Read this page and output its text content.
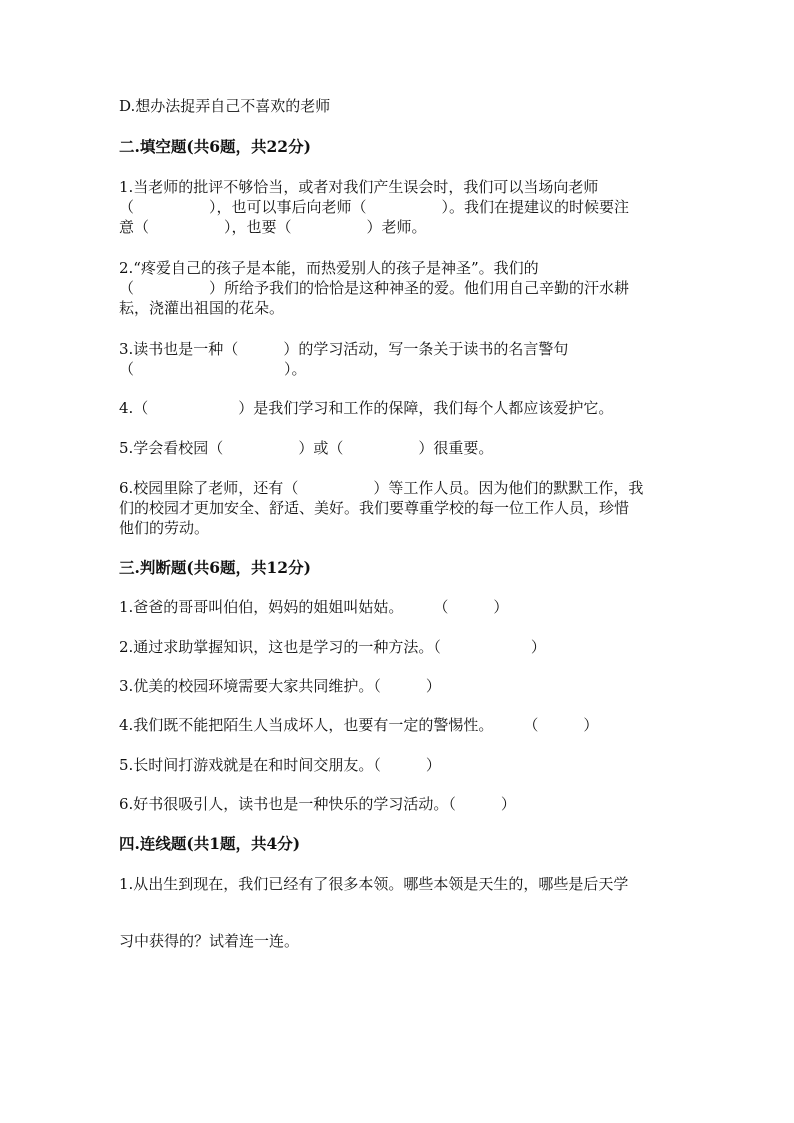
D.想办法捉弄自己不喜欢的老师
二.填空题(共6题，共22分)
1.当老师的批评不够恰当，或者对我们产生误会时，我们可以当场向老师
（　　　　　），也可以事后向老师（　　　　　）。我们在提建议的时候要注
意（　　　　　），也要（　　　　　）老师。
2.“疼爱自己的孩子是本能，而热爱别人的孩子是神圣”。我们的
（　　　　　）所给予我们的恰恰是这种神圣的爱。他们用自己辛勤的汗水耕
耘，浇灌出祖国的花朵。
3.读书也是一种（　　　）的学习活动，写一条关于读书的名言警句
（　　　　　　　　　　）。
4.（　　　　　　）是我们学习和工作的保障，我们每个人都应该爱护它。
5.学会看校园（　　　　　）或（　　　　　）很重要。
6.校园里除了老师，还有（　　　　　）等工作人员。因为他们的默默工作，我
们的校园才更加安全、舒适、美好。我们要尊重学校的每一位工作人员，珍惜
他们的劳动。
三.判断题(共6题，共12分)
1.爸爸的哥哥叫伯伯，妈妈的姐姐叫姑姑。　　　（　　　）
2.通过求助掌握知识，这也是学习的一种方法。（　　　　　　）
3.优美的校园环境需要大家共同维护。（　　　）
4.我们既不能把陌生人当成坏人，也要有一定的警惕性。　　　（　　　）
5.长时间打游戏就是在和时间交朋友。（　　　）
6.好书很吸引人，读书也是一种快乐的学习活动。（　　　）
四.连线题(共1题，共4分)
1.从出生到现在，我们已经有了很多本领。哪些本领是天生的，哪些是后天学
习中获得的？试着连一连。
